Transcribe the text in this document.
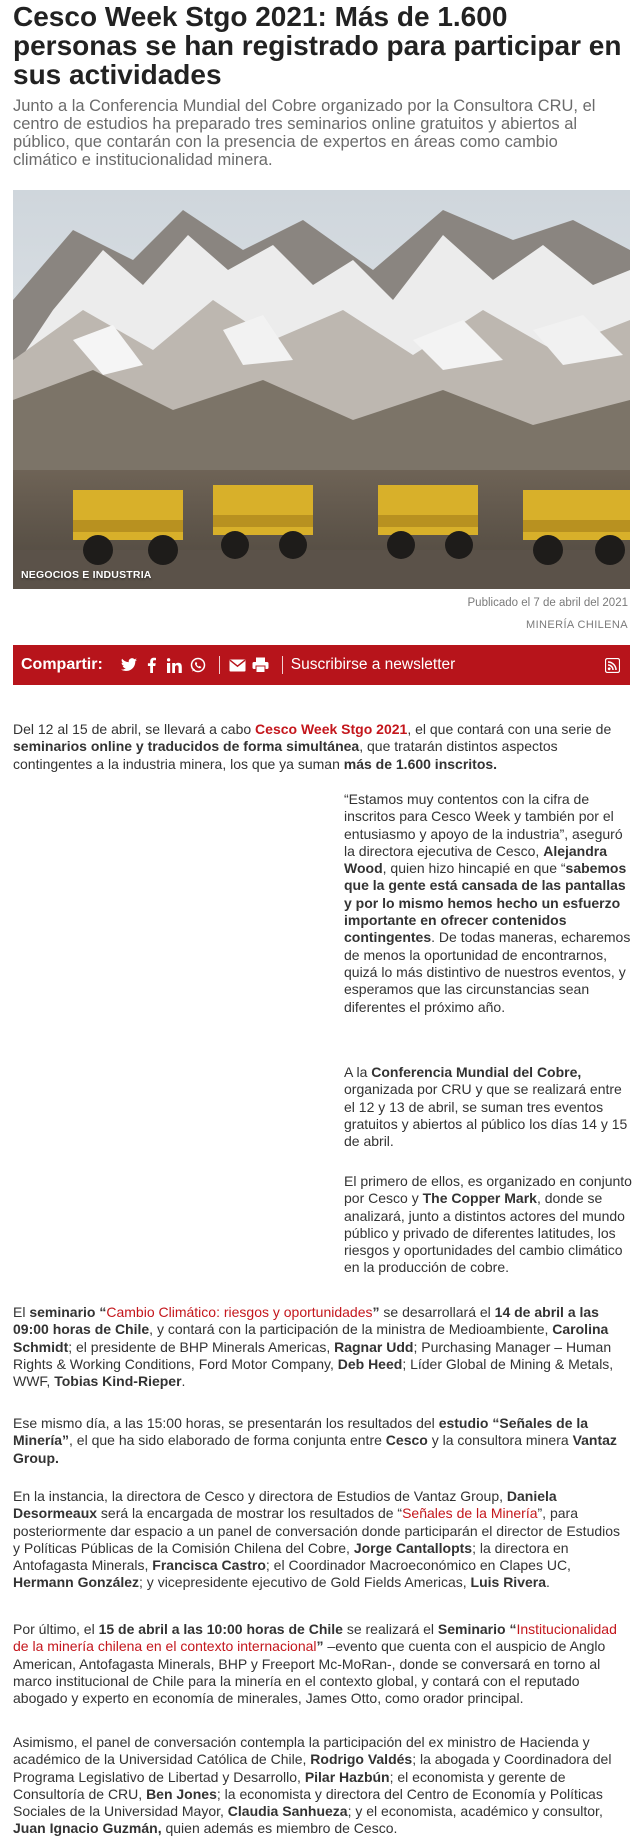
Cesco Week Stgo 2021: Más de 1.600 personas se han registrado para participar en sus actividades

Junto a la Conferencia Mundial del Cobre organizado por la Consultora CRU, el centro de estudios ha preparado tres seminarios online gratuitos y abiertos al público, que contarán con la presencia de expertos en áreas como cambio climático e institucionalidad minera.

NEGOCIOS E INDUSTRIA
Publicado el 7 de abril del 2021
MINERÍA CHILENA
Compartir:	Suscribirse a newsletter

Del 12 al 15 de abril, se llevará a cabo Cesco Week Stgo 2021, el que contará con una serie de seminarios online y traducidos de forma simultánea, que tratarán distintos aspectos contingentes a la industria minera, los que ya suman más de 1.600 inscritos.

“Estamos muy contentos con la cifra de inscritos para Cesco Week y también por el entusiasmo y apoyo de la industria”, aseguró la directora ejecutiva de Cesco, Alejandra Wood, quien hizo hincapié en que “sabemos que la gente está cansada de las pantallas y por lo mismo hemos hecho un esfuerzo importante en ofrecer contenidos contingentes. De todas maneras, echaremos de menos la oportunidad de encontrarnos, quizá lo más distintivo de nuestros eventos, y esperamos que las circunstancias sean diferentes el próximo año.

A la Conferencia Mundial del Cobre, organizada por CRU y que se realizará entre el 12 y 13 de abril, se suman tres eventos gratuitos y abiertos al público los días 14 y 15 de abril.

El primero de ellos, es organizado en conjunto por Cesco y The Copper Mark, donde se analizará, junto a distintos actores del mundo público y privado de diferentes latitudes, los riesgos y oportunidades del cambio climático en la producción de cobre.

El seminario “Cambio Climático: riesgos y oportunidades” se desarrollará el 14 de abril a las 09:00 horas de Chile, y contará con la participación de la ministra de Medioambiente, Carolina Schmidt; el presidente de BHP Minerals Americas, Ragnar Udd; Purchasing Manager – Human Rights & Working Conditions, Ford Motor Company, Deb Heed; Líder Global de Mining & Metals, WWF, Tobias Kind-Rieper.

Ese mismo día, a las 15:00 horas, se presentarán los resultados del estudio “Señales de la Minería”, el que ha sido elaborado de forma conjunta entre Cesco y la consultora minera Vantaz Group.

En la instancia, la directora de Cesco y directora de Estudios de Vantaz Group, Daniela Desormeaux será la encargada de mostrar los resultados de “Señales de la Minería”, para posteriormente dar espacio a un panel de conversación donde participarán el director de Estudios y Políticas Públicas de la Comisión Chilena del Cobre, Jorge Cantallopts; la directora en Antofagasta Minerals, Francisca Castro; el Coordinador Macroeconómico en Clapes UC, Hermann González; y vicepresidente ejecutivo de Gold Fields Americas, Luis Rivera.

Por último, el 15 de abril a las 10:00 horas de Chile se realizará el Seminario “Institucionalidad de la minería chilena en el contexto internacional” –evento que cuenta con el auspicio de Anglo American, Antofagasta Minerals, BHP y Freeport Mc-MoRan-, donde se conversará en torno al marco institucional de Chile para la minería en el contexto global, y contará con el reputado abogado y experto en economía de minerales, James Otto, como orador principal.

Asimismo, el panel de conversación contempla la participación del ex ministro de Hacienda y académico de la Universidad Católica de Chile, Rodrigo Valdés; la abogada y Coordinadora del Programa Legislativo de Libertad y Desarrollo, Pilar Hazbún; el economista y gerente de Consultoría de CRU, Ben Jones; la economista y directora del Centro de Economía y Políticas Sociales de la Universidad Mayor, Claudia Sanhueza; y el economista, académico y consultor, Juan Ignacio Guzmán, quien además es miembro de Cesco.
